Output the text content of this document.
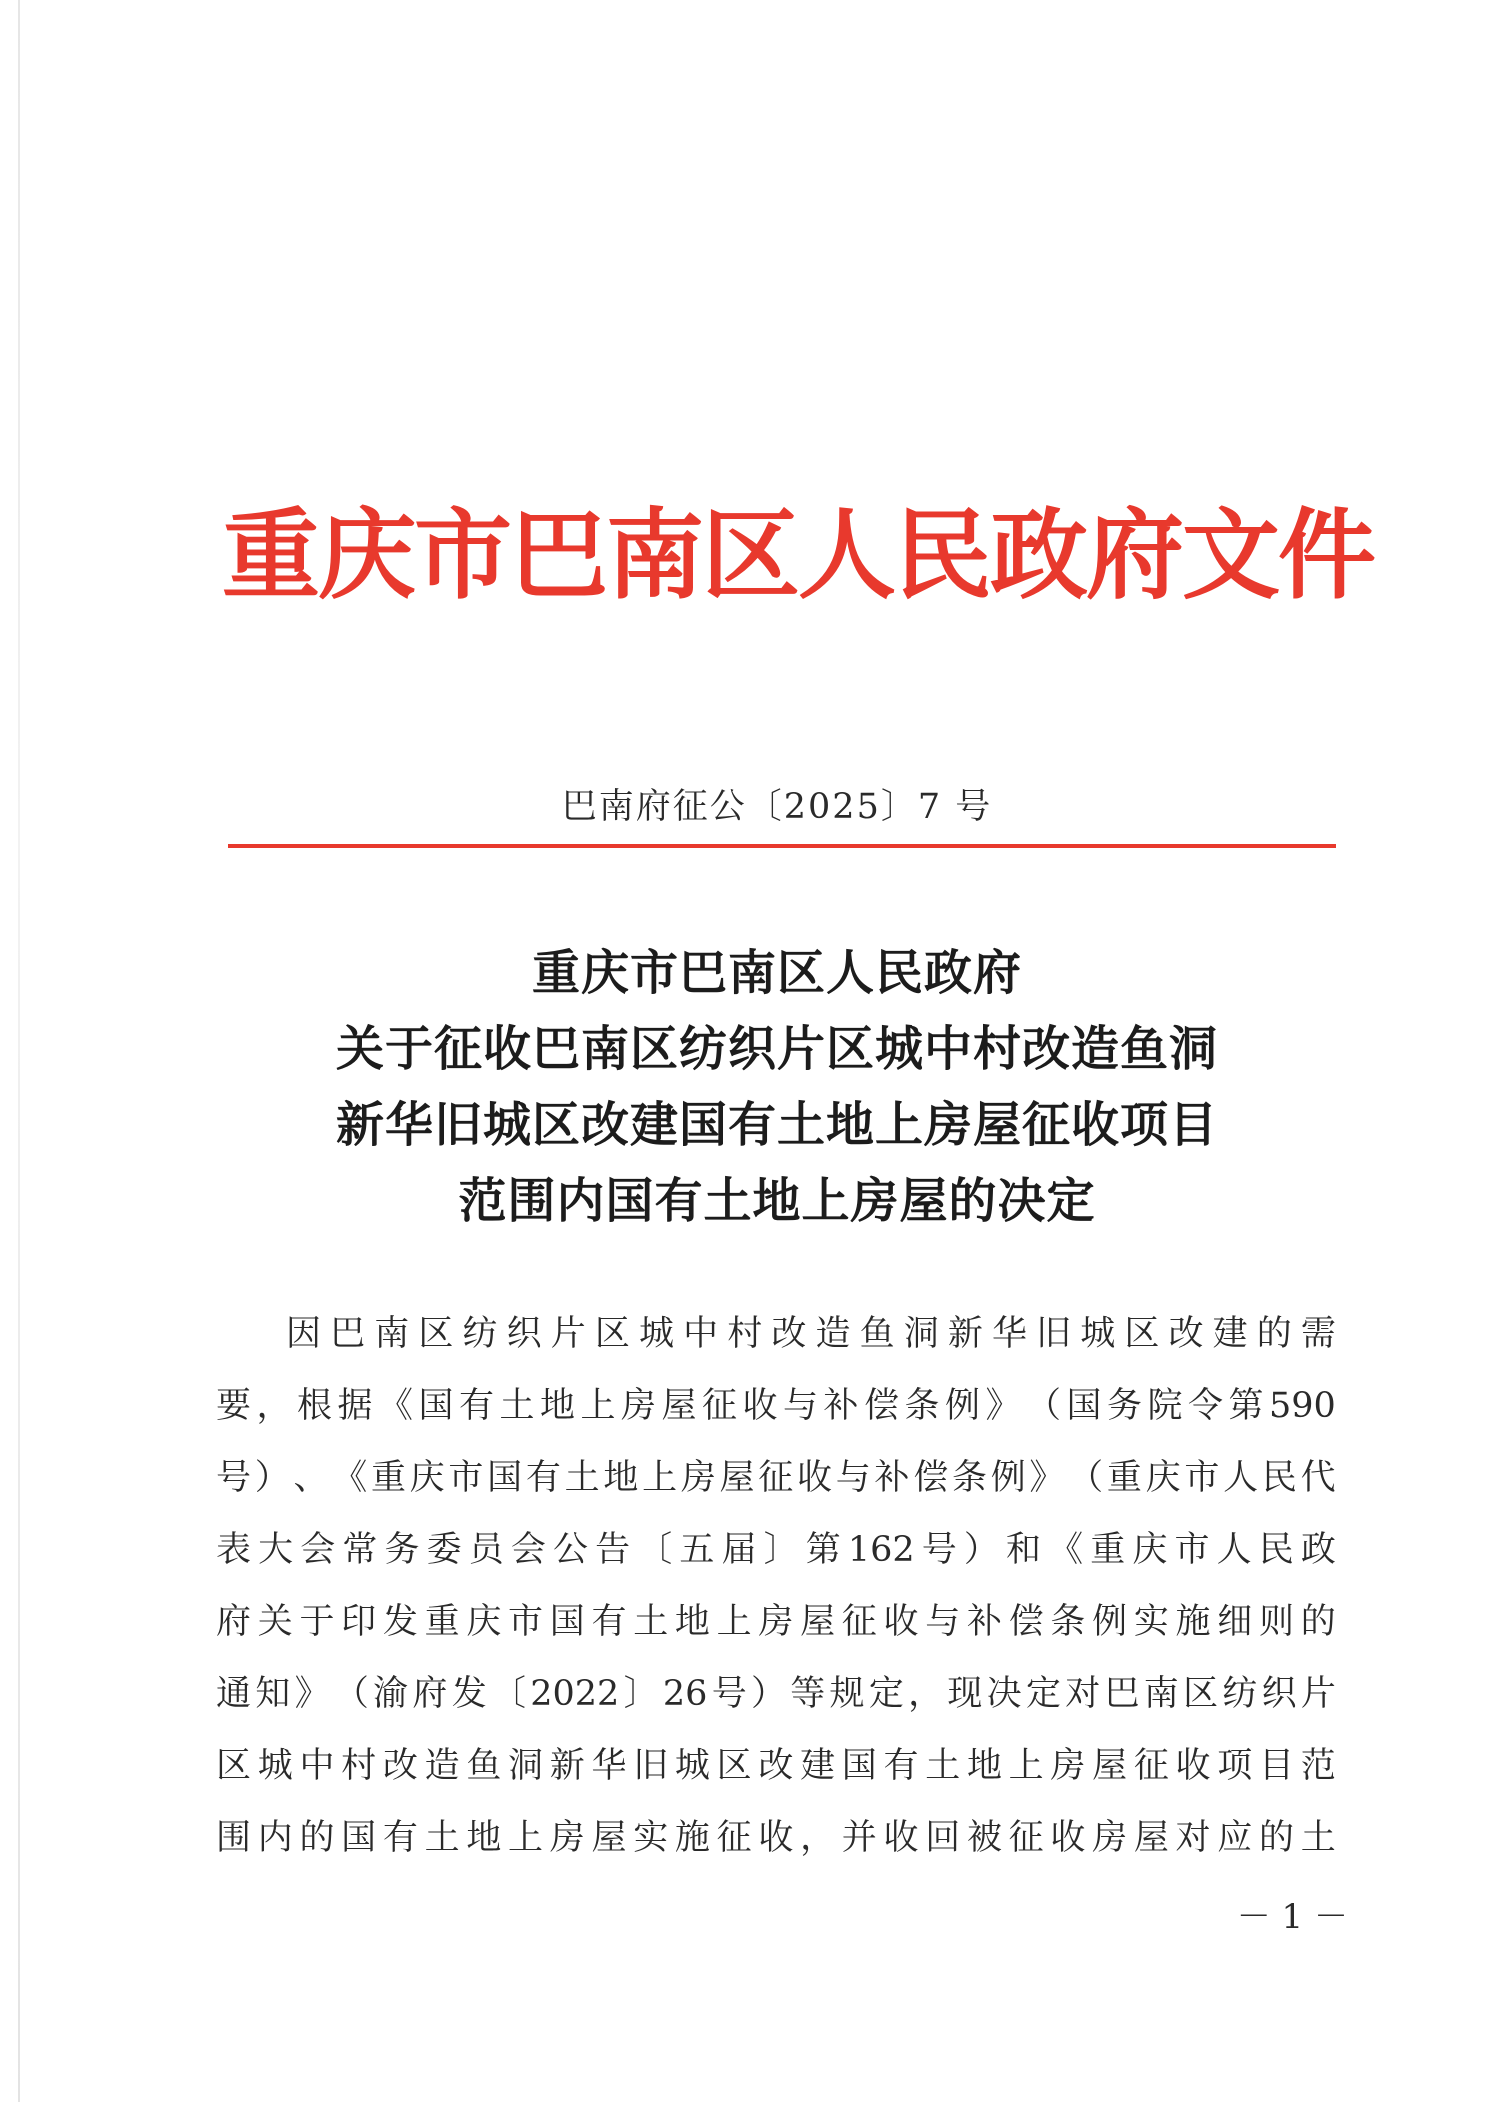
重庆市巴南区人民政府文件
巴南府征公〔2025〕7 号
重庆市巴南区人民政府
关于征收巴南区纺织片区城中村改造鱼洞
新华旧城区改建国有土地上房屋征收项目
范围内国有土地上房屋的决定
因 巴 南 区 纺 织 片 区 城 中 村 改 造 鱼 洞 新 华 旧 城 区 改 建 的 需
要 ， 根 据 《 国 有 土 地 上 房 屋 征 收 与 补 偿 条 例 》 （ 国 务 院 令 第 590
号 ） 、 《 重 庆 市 国 有 土 地 上 房 屋 征 收 与 补 偿 条 例 》 （ 重 庆 市 人 民 代
表 大 会 常 务 委 员 会 公 告 〔 五 届 〕 第 162 号 ） 和 《 重 庆 市 人 民 政
府 关 于 印 发 重 庆 市 国 有 土 地 上 房 屋 征 收 与 补 偿 条 例 实 施 细 则 的
通 知 》 （ 渝 府 发 〔 2022 〕 26 号 ） 等 规 定 ， 现 决 定 对 巴 南 区 纺 织 片
区 城 中 村 改 造 鱼 洞 新 华 旧 城 区 改 建 国 有 土 地 上 房 屋 征 收 项 目 范
围 内 的 国 有 土 地 上 房 屋 实 施 征 收 ， 并 收 回 被 征 收 房 屋 对 应 的 土
－ 1 －
